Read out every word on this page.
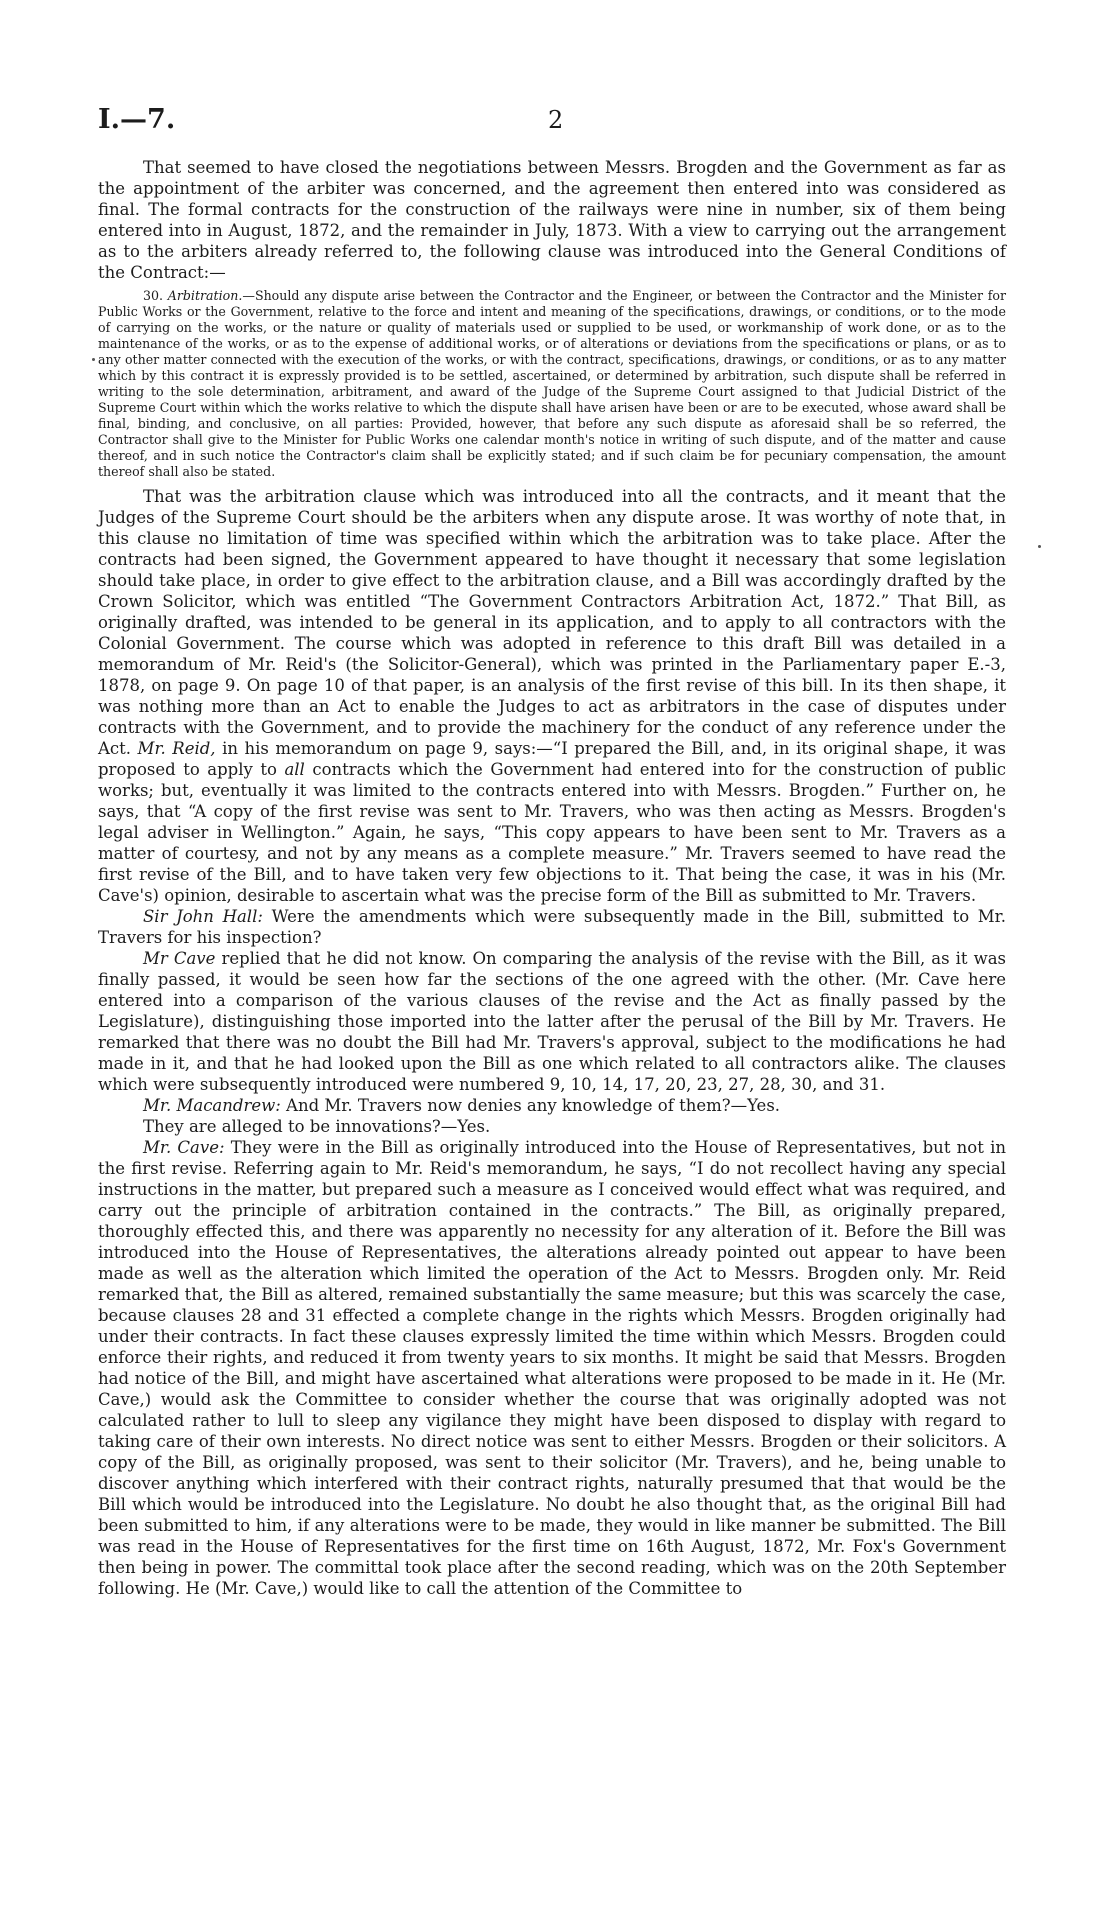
I.—7.	2

That seemed to have closed the negotiations between Messrs. Brogden and the Government as far as the appointment of the arbiter was concerned, and the agreement then entered into was considered as final. The formal contracts for the construction of the railways were nine in number, six of them being entered into in August, 1872, and the remainder in July, 1873. With a view to carrying out the arrangement as to the arbiters already referred to, the following clause was introduced into the General Conditions of the Contract:—

30. Arbitration.—Should any dispute arise between the Contractor and the Engineer, or between the Contractor and the Minister for Public Works or the Government, relative to the force and intent and meaning of the specifications, drawings, or conditions, or to the mode of carrying on the works, or the nature or quality of materials used or supplied to be used, or workmanship of work done, or as to the maintenance of the works, or as to the expense of additional works, or of alterations or deviations from the specifications or plans, or as to any other matter connected with the execution of the works, or with the contract, specifications, drawings, or conditions, or as to any matter which by this contract it is expressly provided is to be settled, ascertained, or determined by arbitration, such dispute shall be referred in writing to the sole determination, arbitrament, and award of the Judge of the Supreme Court assigned to that Judicial District of the Supreme Court within which the works relative to which the dispute shall have arisen have been or are to be executed, whose award shall be final, binding, and conclusive, on all parties: Provided, however, that before any such dispute as aforesaid shall be so referred, the Contractor shall give to the Minister for Public Works one calendar month's notice in writing of such dispute, and of the matter and cause thereof, and in such notice the Contractor's claim shall be explicitly stated; and if such claim be for pecuniary compensation, the amount thereof shall also be stated.

That was the arbitration clause which was introduced into all the contracts, and it meant that the Judges of the Supreme Court should be the arbiters when any dispute arose. It was worthy of note that, in this clause no limitation of time was specified within which the arbitration was to take place. After the contracts had been signed, the Government appeared to have thought it necessary that some legislation should take place, in order to give effect to the arbitration clause, and a Bill was accordingly drafted by the Crown Solicitor, which was entitled “The Government Contractors Arbitration Act, 1872.” That Bill, as originally drafted, was intended to be general in its application, and to apply to all contractors with the Colonial Government. The course which was adopted in reference to this draft Bill was detailed in a memorandum of Mr. Reid's (the Solicitor-General), which was printed in the Parliamentary paper E.-3, 1878, on page 9. On page 10 of that paper, is an analysis of the first revise of this bill. In its then shape, it was nothing more than an Act to enable the Judges to act as arbitrators in the case of disputes under contracts with the Government, and to provide the machinery for the conduct of any reference under the Act. Mr. Reid, in his memorandum on page 9, says:—“I prepared the Bill, and, in its original shape, it was proposed to apply to all contracts which the Government had entered into for the construction of public works; but, eventually it was limited to the contracts entered into with Messrs. Brogden.” Further on, he says, that “A copy of the first revise was sent to Mr. Travers, who was then acting as Messrs. Brogden's legal adviser in Wellington.” Again, he says, “This copy appears to have been sent to Mr. Travers as a matter of courtesy, and not by any means as a complete measure.” Mr. Travers seemed to have read the first revise of the Bill, and to have taken very few objections to it. That being the case, it was in his (Mr. Cave's) opinion, desirable to ascertain what was the precise form of the Bill as submitted to Mr. Travers.

Sir John Hall: Were the amendments which were subsequently made in the Bill, submitted to Mr. Travers for his inspection?

Mr Cave replied that he did not know. On comparing the analysis of the revise with the Bill, as it was finally passed, it would be seen how far the sections of the one agreed with the other. (Mr. Cave here entered into a comparison of the various clauses of the revise and the Act as finally passed by the Legislature), distinguishing those imported into the latter after the perusal of the Bill by Mr. Travers. He remarked that there was no doubt the Bill had Mr. Travers's approval, subject to the modifications he had made in it, and that he had looked upon the Bill as one which related to all contractors alike. The clauses which were subsequently introduced were numbered 9, 10, 14, 17, 20, 23, 27, 28, 30, and 31.

Mr. Macandrew: And Mr. Travers now denies any knowledge of them?—Yes.

They are alleged to be innovations?—Yes.

Mr. Cave: They were in the Bill as originally introduced into the House of Representatives, but not in the first revise. Referring again to Mr. Reid's memorandum, he says, “I do not recollect having any special instructions in the matter, but prepared such a measure as I conceived would effect what was required, and carry out the principle of arbitration contained in the contracts.” The Bill, as originally prepared, thoroughly effected this, and there was apparently no necessity for any alteration of it. Before the Bill was introduced into the House of Representatives, the alterations already pointed out appear to have been made as well as the alteration which limited the operation of the Act to Messrs. Brogden only. Mr. Reid remarked that, the Bill as altered, remained substantially the same measure; but this was scarcely the case, because clauses 28 and 31 effected a complete change in the rights which Messrs. Brogden originally had under their contracts. In fact these clauses expressly limited the time within which Messrs. Brogden could enforce their rights, and reduced it from twenty years to six months. It might be said that Messrs. Brogden had notice of the Bill, and might have ascertained what alterations were proposed to be made in it. He (Mr. Cave,) would ask the Committee to consider whether the course that was originally adopted was not calculated rather to lull to sleep any vigilance they might have been disposed to display with regard to taking care of their own interests. No direct notice was sent to either Messrs. Brogden or their solicitors. A copy of the Bill, as originally proposed, was sent to their solicitor (Mr. Travers), and he, being unable to discover anything which interfered with their contract rights, naturally presumed that that would be the Bill which would be introduced into the Legislature. No doubt he also thought that, as the original Bill had been submitted to him, if any alterations were to be made, they would in like manner be submitted. The Bill was read in the House of Representatives for the first time on 16th August, 1872, Mr. Fox's Government then being in power. The committal took place after the second reading, which was on the 20th September following. He (Mr. Cave,) would like to call the attention of the Committee to
